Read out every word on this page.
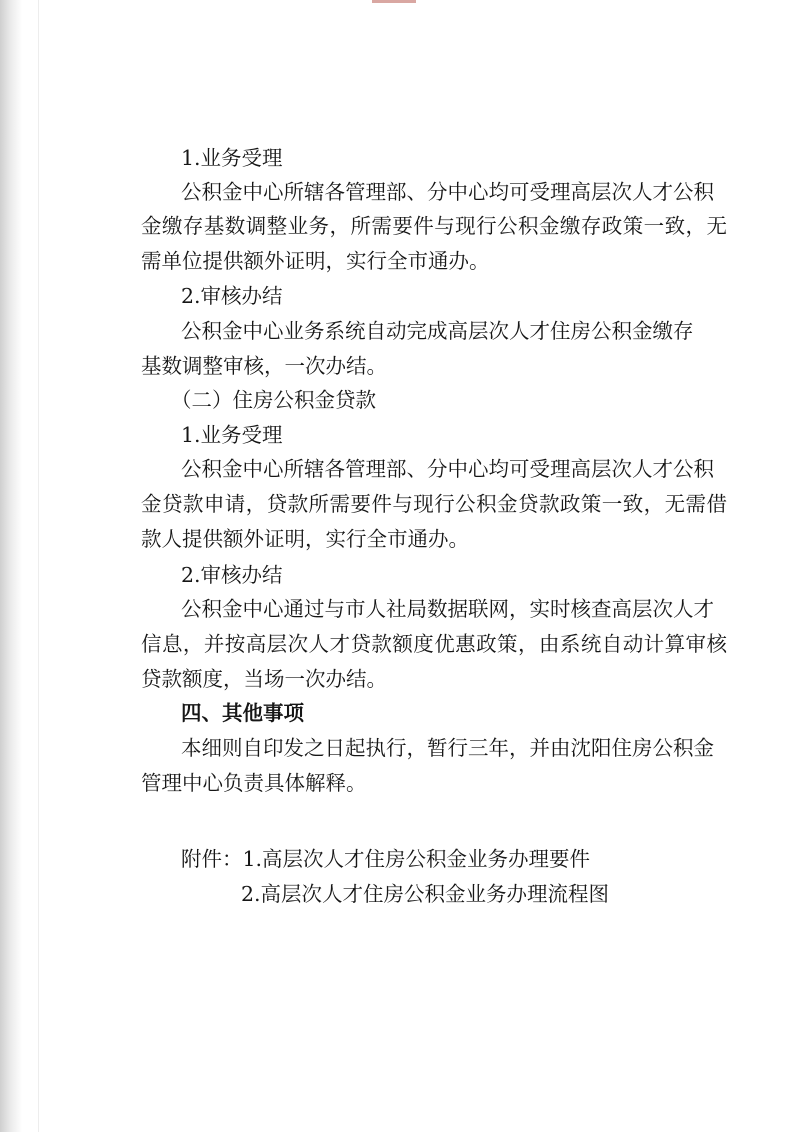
1.业务受理
公积金中心所辖各管理部、分中心均可受理高层次人才公积
金缴存基数调整业务，所需要件与现行公积金缴存政策一致，无
需单位提供额外证明，实行全市通办。
2.审核办结
公积金中心业务系统自动完成高层次人才住房公积金缴存
基数调整审核，一次办结。
（二）住房公积金贷款
1.业务受理
公积金中心所辖各管理部、分中心均可受理高层次人才公积
金贷款申请，贷款所需要件与现行公积金贷款政策一致，无需借
款人提供额外证明，实行全市通办。
2.审核办结
公积金中心通过与市人社局数据联网，实时核查高层次人才
信息，并按高层次人才贷款额度优惠政策，由系统自动计算审核
贷款额度，当场一次办结。
四、其他事项
本细则自印发之日起执行，暂行三年，并由沈阳住房公积金
管理中心负责具体解释。
附件：1.高层次人才住房公积金业务办理要件
2.高层次人才住房公积金业务办理流程图
